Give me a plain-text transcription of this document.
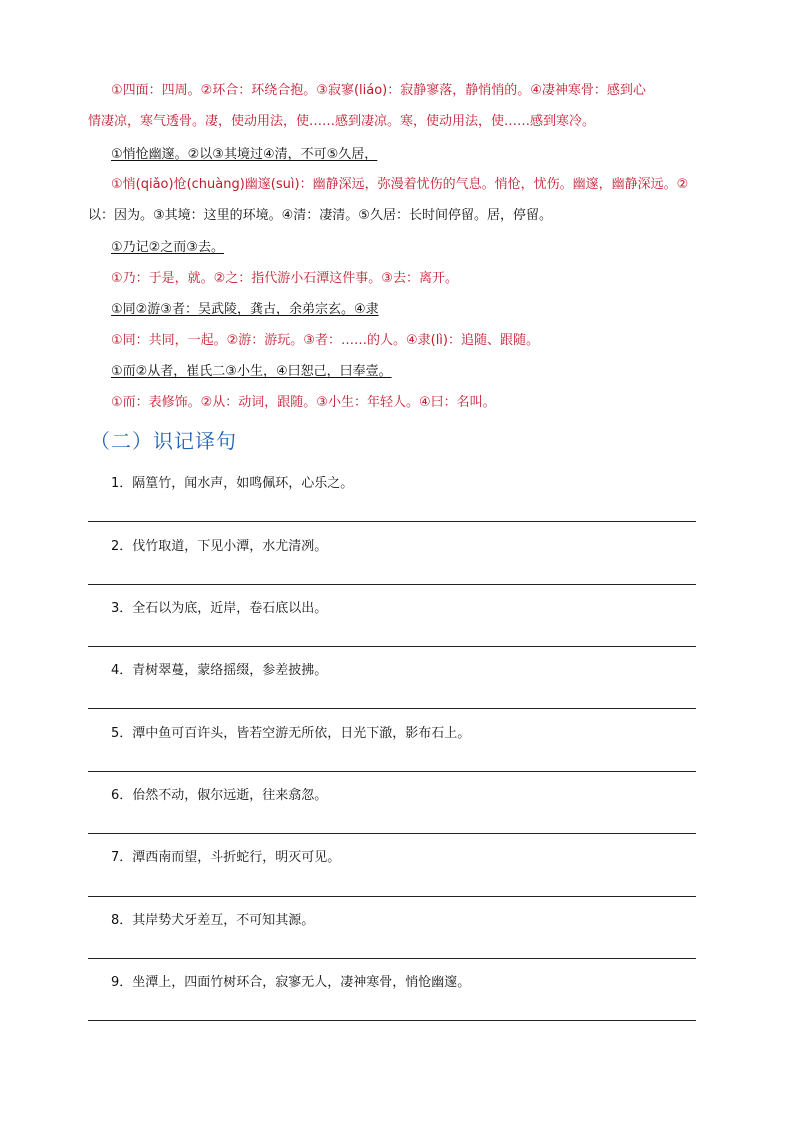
①四面：四周。②环合：环绕合抱。③寂寥(liáo)：寂静寥落，静悄悄的。④凄神寒骨：感到心
情凄凉，寒气透骨。凄，使动用法，使……感到凄凉。寒，使动用法，使……感到寒冷。
①悄怆幽邃。②以③其境过④清，不可⑤久居，
①悄(qiǎo)怆(chuàng)幽邃(suì)：幽静深远，弥漫着忧伤的气息。悄怆，忧伤。幽邃，幽静深远。②
以：因为。③其境：这里的环境。④清：凄清。⑤久居：长时间停留。居，停留。
①乃记②之而③去。
①乃：于是，就。②之：指代游小石潭这件事。③去：离开。
①同②游③者：吴武陵，龚古，余弟宗玄。④隶
①同：共同，一起。②游：游玩。③者：……的人。④隶(lì)：追随、跟随。
①而②从者，崔氏二③小生，④曰恕己，曰奉壹。
①而：表修饰。②从：动词，跟随。③小生：年轻人。④曰：名叫。
（二）识记译句
1．隔篁竹，闻水声，如鸣佩环，心乐之。
2．伐竹取道，下见小潭，水尤清冽。
3．全石以为底，近岸，卷石底以出。
4．青树翠蔓，蒙络摇缀，参差披拂。
5．潭中鱼可百许头，皆若空游无所依，日光下澈，影布石上。
6．佁然不动，俶尔远逝，往来翕忽。
7．潭西南而望，斗折蛇行，明灭可见。
8．其岸势犬牙差互，不可知其源。
9．坐潭上，四面竹树环合，寂寥无人，凄神寒骨，悄怆幽邃。
